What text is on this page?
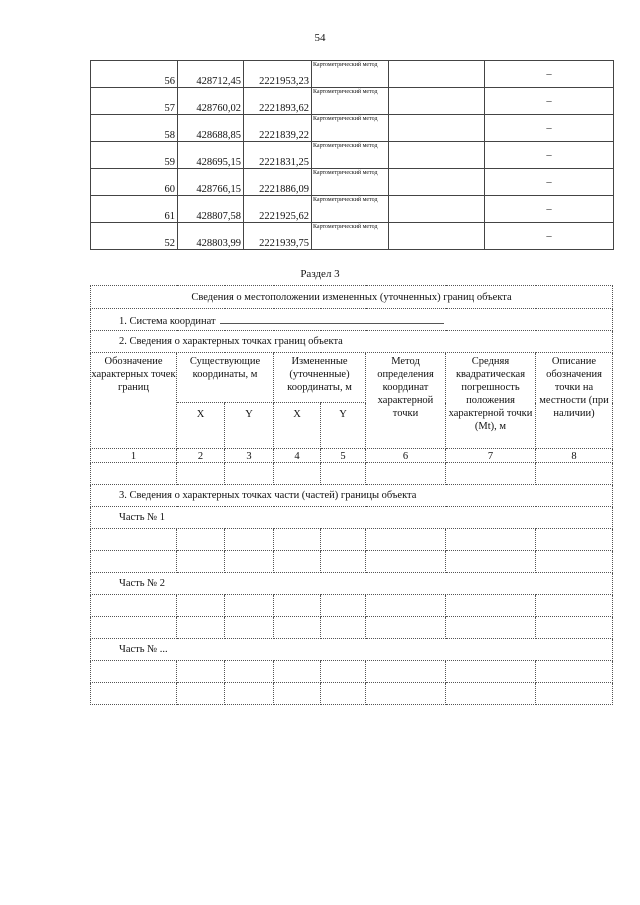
54
56	428712,45	2221953,23	Картометрический метод		–
57	428760,02	2221893,62	Картометрический метод		–
58	428688,85	2221839,22	Картометрический метод		–
59	428695,15	2221831,25	Картометрический метод		–
60	428766,15	2221886,09	Картометрический метод		–
61	428807,58	2221925,62	Картометрический метод		–
52	428803,99	2221939,75	Картометрический метод		–
Раздел 3
Сведения о местоположении измененных (уточненных) границ объекта							
1. Система координат							
2. Сведения о характерных точках границ объекта							
Обозначение характерных точек границ	Существующие координаты, м		Измененные (уточненные) координаты, м		Метод определения координат характерной точки	Средняя квадратическая погрешность положения характерной точки (Mt), м	Описание обозначения точки на местности (при наличии)
	X	Y	X	Y			
1	2	3	4	5	6	7	8

3. Сведения о характерных точках части (частей) границы объекта							
Часть № 1							

Часть № 2							

Часть № ...							
